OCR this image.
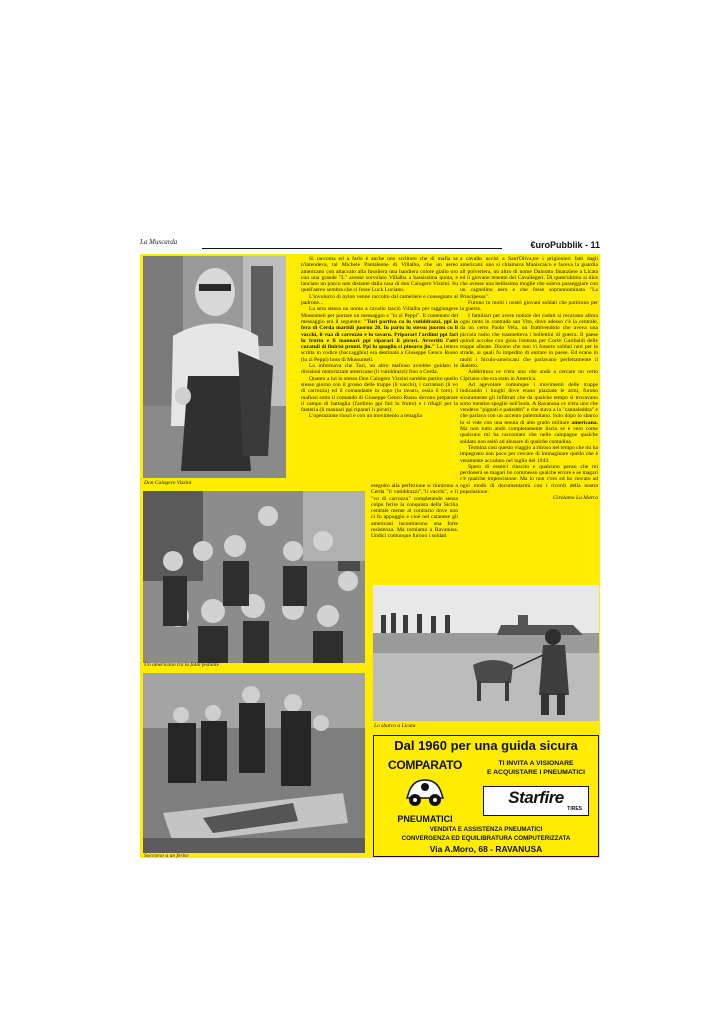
La Muscarda	€uroPubblik - 11
Don Calogero Vizzini

Si racconta ed a farlo è anche uno scrittore che di mafia se n'intendeva, tal Michele Pantaleone di Villalba, che un aereo americano con attaccato alla fusoliera una bandiera colore giallo oro con una grande "L" avesse sorvolato Villalba a bassissima quota, e lanciato un pacco non distante dalla casa di don Calogero Vizzini. Su quell'aereo sembra che ci fosse Luck Luciano.

L'involucro di nylon venne raccolto dal cameriere e consegnato al padrone...

La sera stessa un uomo a cavallo lasciò Villalba per raggiungere Mussomeli per portare un messaggio a "lu zi Peppi". Il contenuto del messaggio era il seguente: "Turi partiva cu lu vutiddrazzi, ppi la fera di Cerda martidì juornu 20. Iu partu lu stessu juornu cu li vacchi, li vua di carrozzu e lu tavaru. Pripararl l'ardimi ppi fari lu fruttu e li mannari ppi riparari li picuri. Avvertiti l'atri curatuli di finirisi pronti. Ppi lu quagliu ci pinsavu jiu." La lettera scritta in codice (baccagghiu) era destinata a Giuseppe Genco Russo (lu zi Peppi) boss di Mussumeli.

Lo informava che Turi, un altro mafioso avrebbe guidato le divisioni motorizzate americane (li vutiddrazzi) fino a Cerda.

Quanto a lui lo stesso Don Calogero Vizzini sarebbe partito quello stesso giorno con il grosso delle truppe (li vacchi), i carramati (li vo di carrozzu) ed il comandante in capo (lu tavaru, ossia il toro). I mafiosi sotto il comando di Giuseppe Genco Russo devono preparare il campo di battaglia (l'ardimo ppi fari lu frutto) e i rifugli per la fanteria (li mannari ppi riparari li picuri).

L'operazione riuscì e con un movimento a tenaglia

eseguito alla perfezione si riunirono a Cerda "li vutiddrazzi","li vacchi", e li "vo di carrozzu" completando senza colpo ferire la conquista della Sicilia centrale mente al contrario dove non ci fu appoggio e cioè nel catanese gli americani incontrarono una forte resistenza. Ma torniamo a Ravanusa. Undici comunque furono i soldati

a cavallo uccisi a Sant'Oliva,tre i prigionieri fatti dagli americani: uno si chiamava Maniscalco e faceva la guardia all polveriera, un altro di nome Dainotto finanziere a Licata ed il giovane tenente dei Cavallegeri. Di quest'ultimo si dice che avesse una bellissima moglie che soleva passeggiare con un cagnolino nero e che fosse soprannominata "La Principessa".

Furono in molti i nostri giovani soldati che partirono per la guerra.

I familiari per avere notizie dei caduti si recavano allora ogni tanto in contrada san Vito, dove adesso c'è la centrale, da un certo Paolo Vela, un fruttivendolo che aveva una piccola radio che trasmetteva i bollettini di guerra. Il paese quindi accolse con gioia l'entrata per Corso Garibaldi delle truppe alleate. Dicono che non vi fossero soldati neri per le strade, ai quali fu impedito di entrare in paese. Ed erano in molti i Siculo-americani che parlavano perfettamente il dialetto.

Addirittura ce n'era uno che andò a cercare un certo Cipriano che era stato in America.

Ad agevolare comunque i movimenti delle truppe indicando i luoghi dove erano piazzate le armi, furono sicuramente gli infiltrati che da qualche tempo si trovavano sotto mentire spoglie nell'isola. A Ravanusa ce n'era uno che vendeva "pignati e padeddri" e che stava a la "cannaleddra" e che parlava con un accento palermitano. Solo dopo lo sbarco lo si vide con una tenuta di alto grado militare americana. Ma non tutto andò completamente liscio se è vero come qualcuno mi ha raccontato che nelle campagne qualche soldato non esitò ad abusare di qualche contadina.

Termina così questo viaggio a ritroso nel tempo che mi ha impegnato non poco per cercare di immaginare quello che è veramente accaduto nel luglio del 1943.

Spero di esserci riuscito e qualcuno penso che mi perdonerà se magari ho commesso qualche errore e se magari c'è qualche imprecisione. Ma io non c'ero ed ho cercato ad ogni modo di documentarmi con i ricordi della nostra popolazione.

Girolamo La Marca
Un americano tra la folla festante
Soccorso a un ferito
Lo sbarco a Licata
Dal 1960 per una guida sicura
COMPARATO
PNEUMATICI
TI INVITA A VISIONARE
E ACQUISTARE I PNEUMATICI
Starfire
TIRES
VENDITA E ASSISTENZA PNEUMATICI
CONVERGENZA ED EQUILIBRATURA COMPUTERIZZATA
Via A.Moro, 68 - RAVANUSA
